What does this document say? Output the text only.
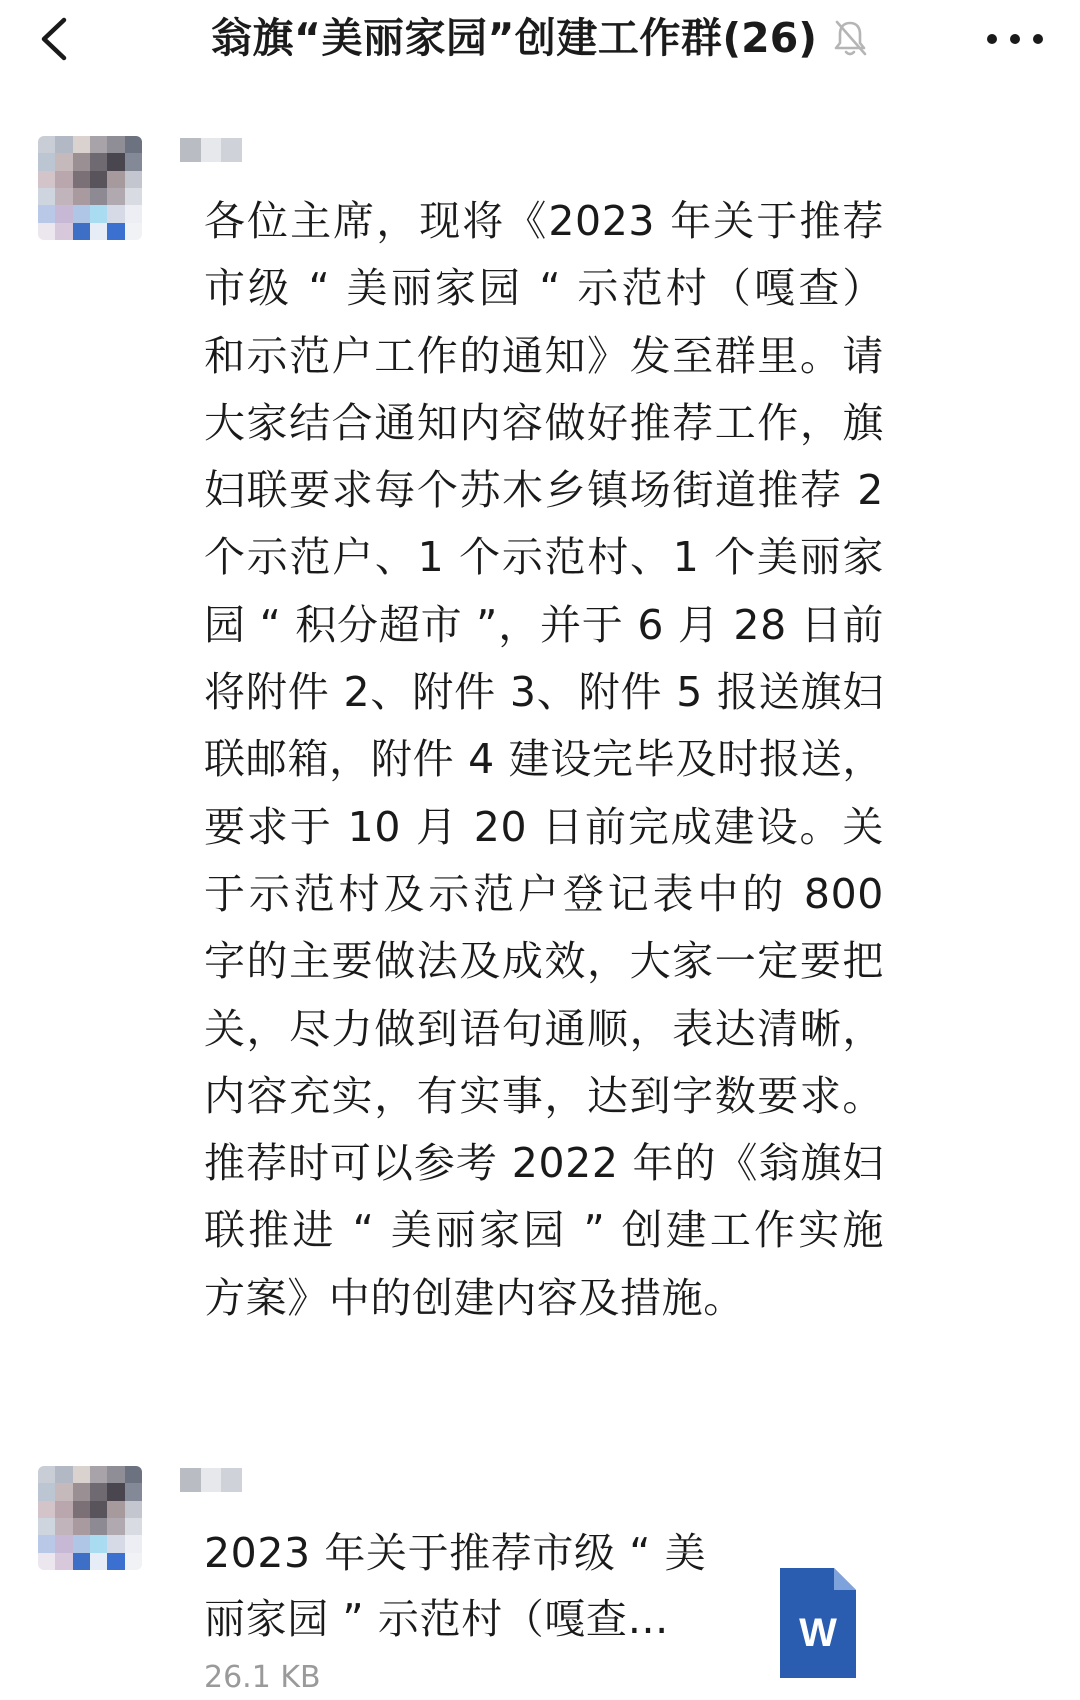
翁旗“美丽家园”创建工作群(26)

各位主席，现将《2023 年关于推荐市级 “ 美丽家园 “ 示范村（嘎查）和示范户工作的通知》发至群里。请大家结合通知内容做好推荐工作，旗妇联要求每个苏木乡镇场街道推荐 2 个示范户、1 个示范村、1 个美丽家园 “ 积分超市 ”，并于 6 月 28 日前将附件 2、附件 3、附件 5 报送旗妇联邮箱，附件 4 建设完毕及时报送，要求于 10 月 20 日前完成建设。关于示范村及示范户登记表中的 800 字的主要做法及成效，大家一定要把关，尽力做到语句通顺，表达清晰，内容充实，有实事，达到字数要求。推荐时可以参考 2022 年的《翁旗妇联推进 “ 美丽家园 ” 创建工作实施方案》中的创建内容及措施。

2023 年关于推荐市级 “ 美丽家园 ” 示范村（嘎查…
26.1 KB
W
